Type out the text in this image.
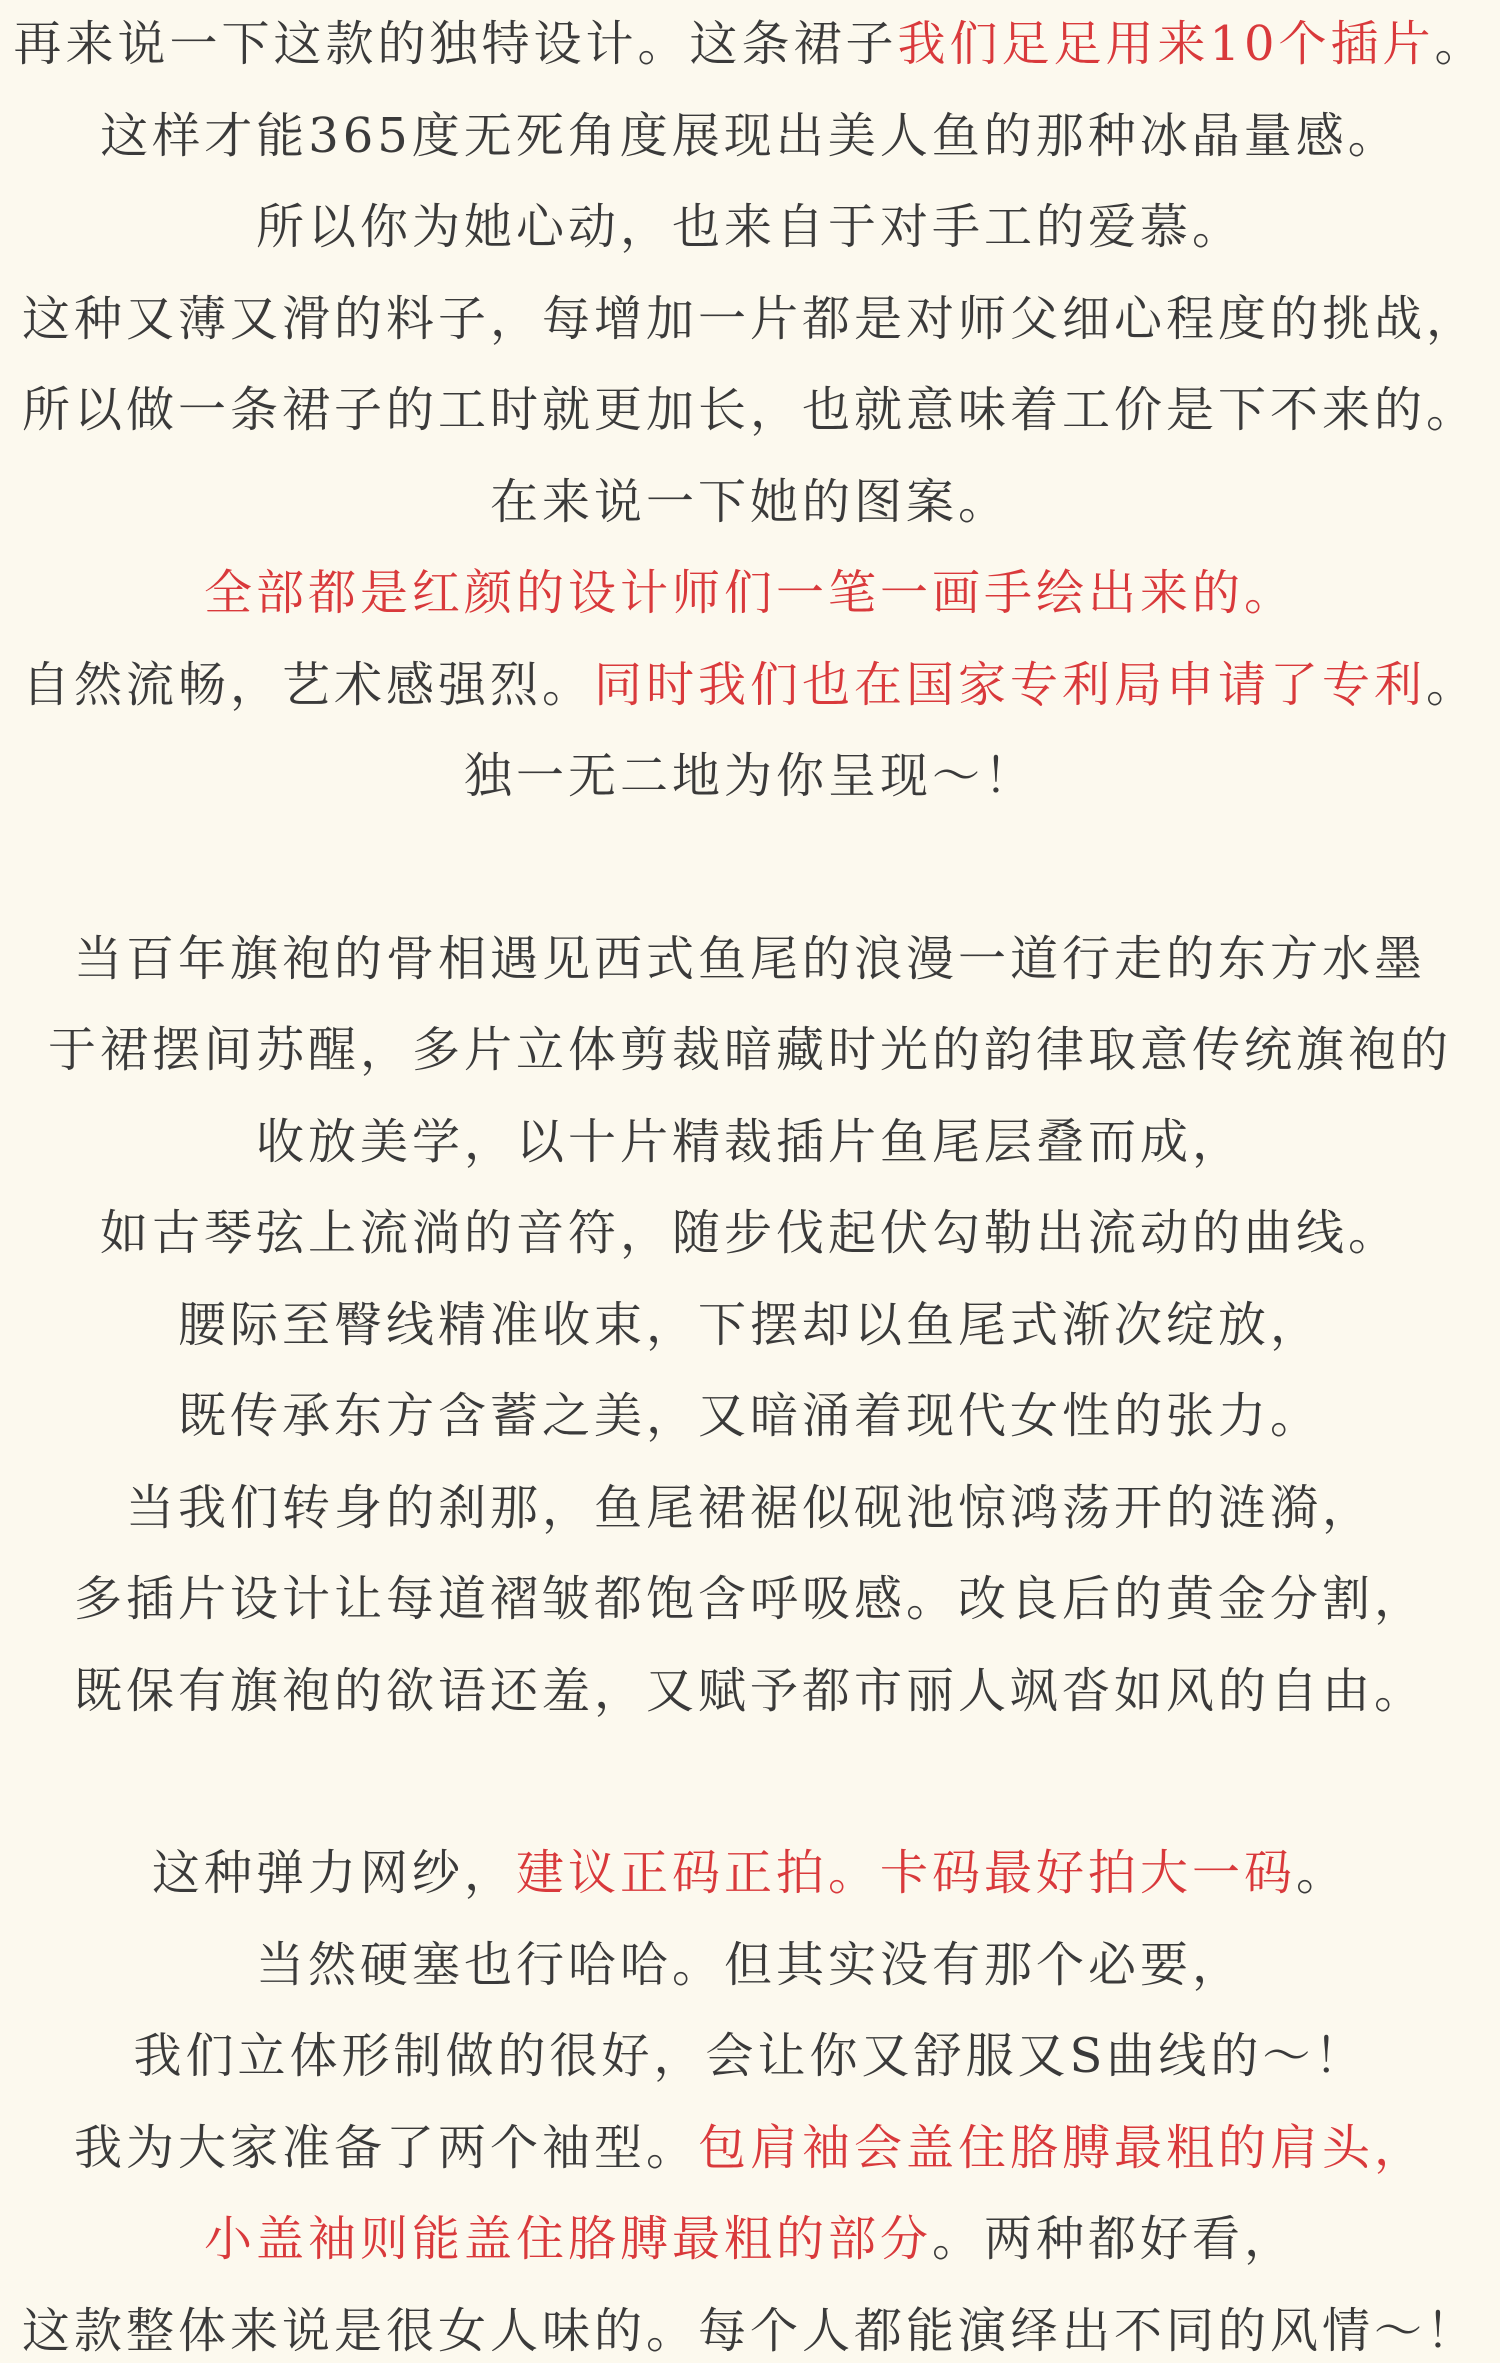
再来说一下这款的独特设计。这条裙子我们足足用来10个插片。
这样才能365度无死角度展现出美人鱼的那种冰晶量感。
所以你为她心动，也来自于对手工的爱慕。
这种又薄又滑的料子，每增加一片都是对师父细心程度的挑战，
所以做一条裙子的工时就更加长，也就意味着工价是下不来的。
在来说一下她的图案。
全部都是红颜的设计师们一笔一画手绘出来的。
自然流畅，艺术感强烈。同时我们也在国家专利局申请了专利。
独一无二地为你呈现～！
当百年旗袍的骨相遇见西式鱼尾的浪漫一道行走的东方水墨
于裙摆间苏醒，多片立体剪裁暗藏时光的韵律取意传统旗袍的
收放美学，以十片精裁插片鱼尾层叠而成，
如古琴弦上流淌的音符，随步伐起伏勾勒出流动的曲线。
腰际至臀线精准收束，下摆却以鱼尾式渐次绽放，
既传承东方含蓄之美，又暗涌着现代女性的张力。
当我们转身的刹那，鱼尾裙裾似砚池惊鸿荡开的涟漪，
多插片设计让每道褶皱都饱含呼吸感。改良后的黄金分割，
既保有旗袍的欲语还羞，又赋予都市丽人飒沓如风的自由。
这种弹力网纱，建议正码正拍。卡码最好拍大一码。
当然硬塞也行哈哈。但其实没有那个必要，
我们立体形制做的很好，会让你又舒服又S曲线的～！
我为大家准备了两个袖型。包肩袖会盖住胳膊最粗的肩头，
小盖袖则能盖住胳膊最粗的部分。两种都好看，
这款整体来说是很女人味的。每个人都能演绎出不同的风情～！
